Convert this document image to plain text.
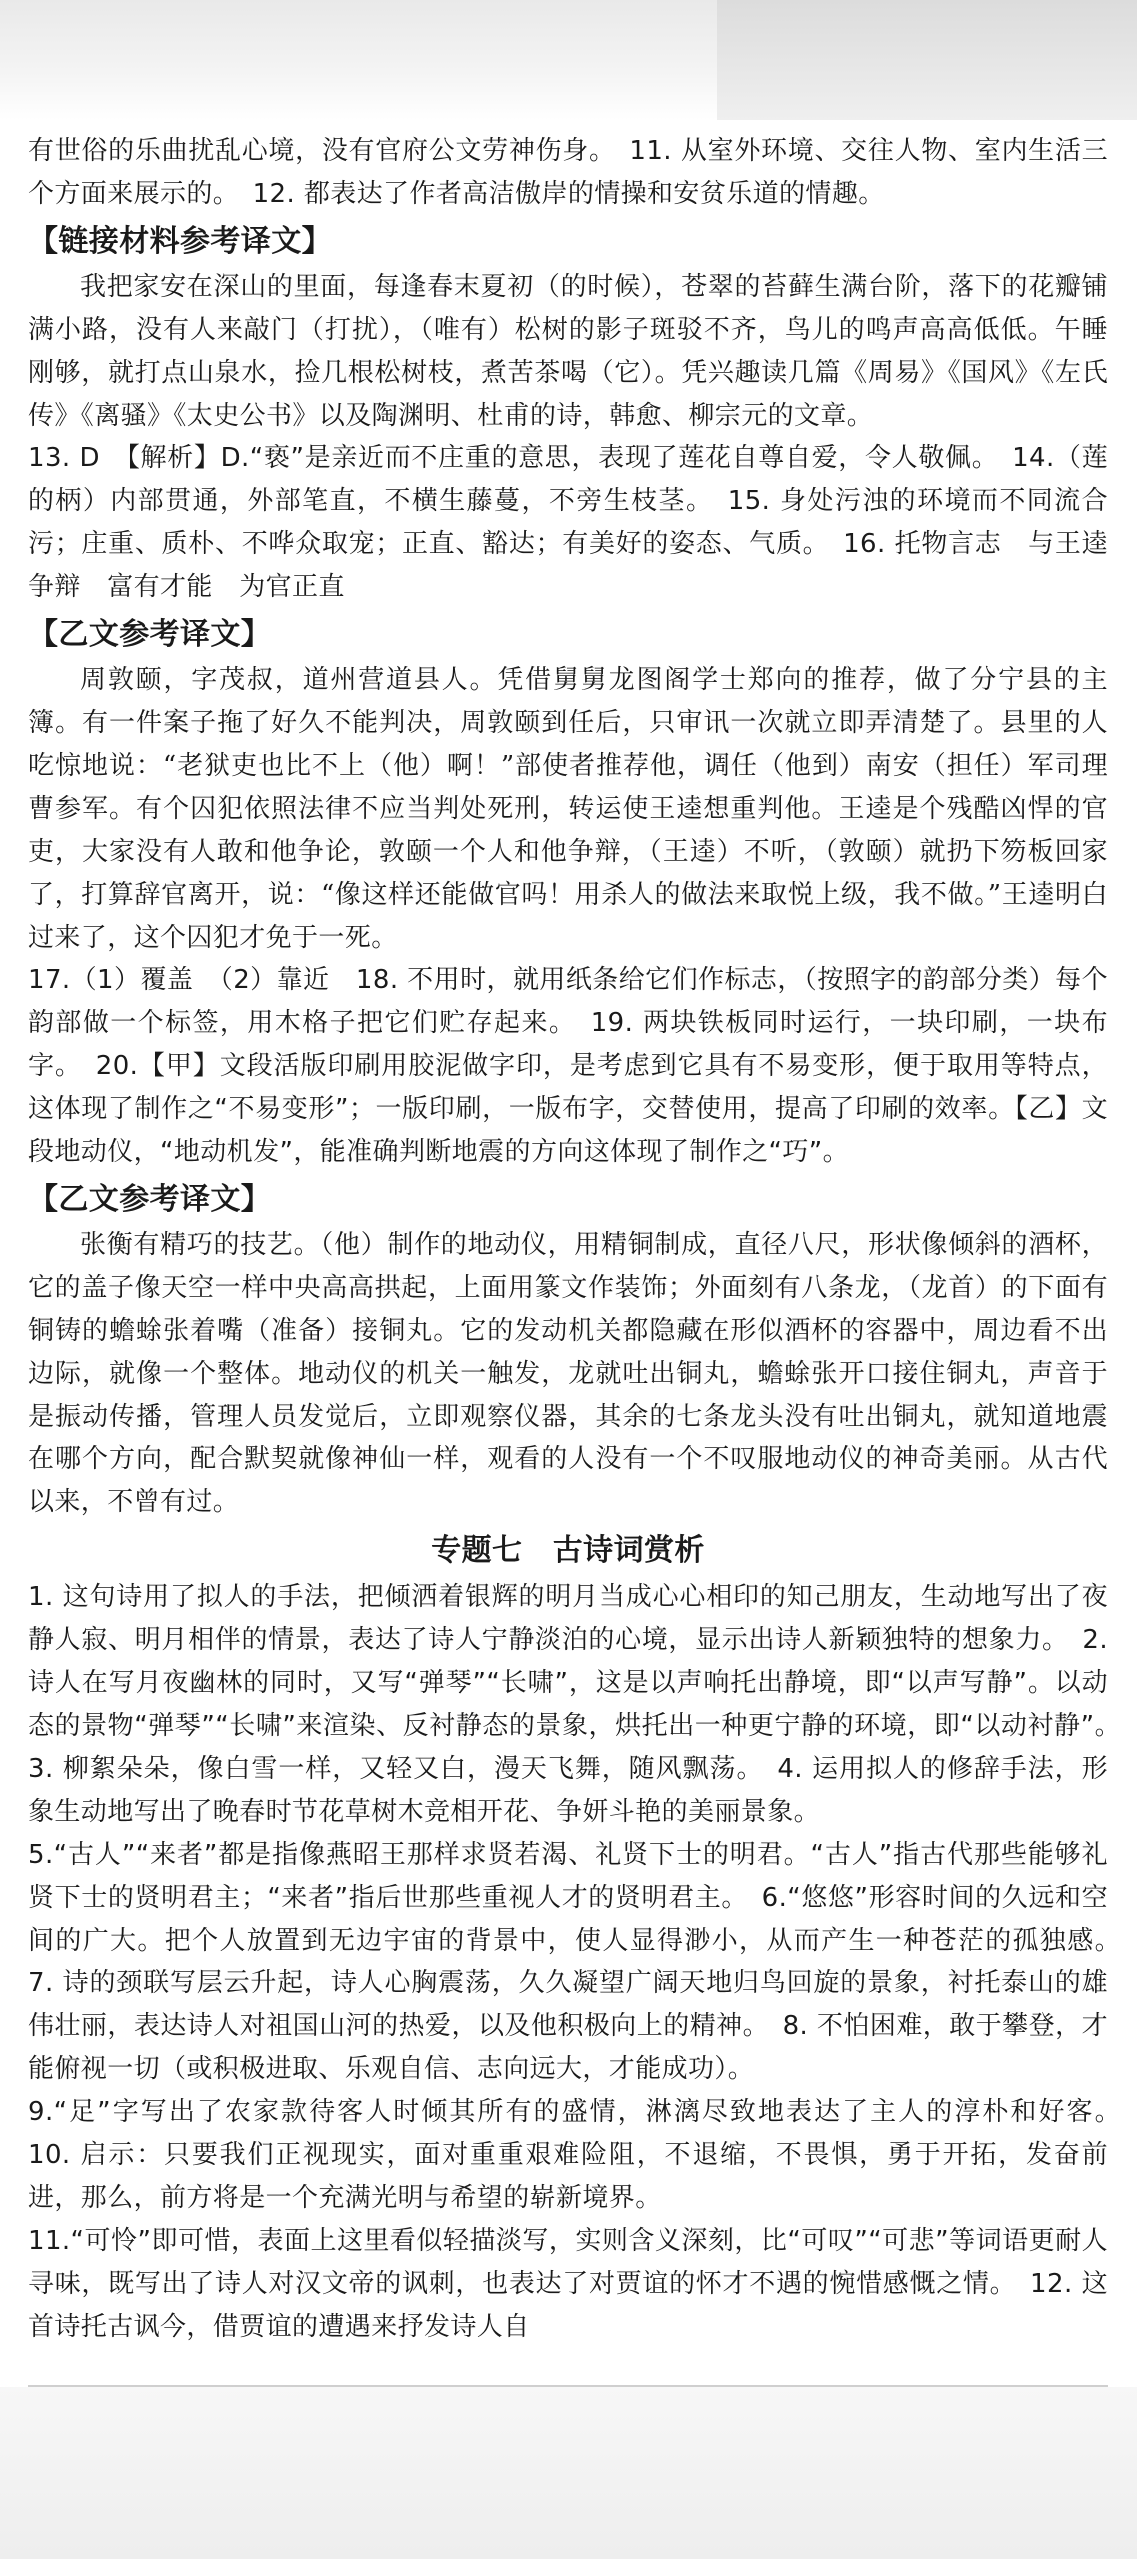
有世俗的乐曲扰乱心境，没有官府公文劳神伤身。　11. 从室外环境、交往人物、室内生活三个方面来展示的。　12. 都表达了作者高洁傲岸的情操和安贫乐道的情趣。

【链接材料参考译文】

我把家安在深山的里面，每逢春末夏初（的时候），苍翠的苔藓生满台阶，落下的花瓣铺满小路，没有人来敲门（打扰），（唯有）松树的影子斑驳不齐，鸟儿的鸣声高高低低。午睡刚够，就打点山泉水，捡几根松树枝，煮苦茶喝（它）。凭兴趣读几篇《周易》《国风》《左氏传》《离骚》《太史公书》以及陶渊明、杜甫的诗，韩愈、柳宗元的文章。

13. D　【解析】D.“亵”是亲近而不庄重的意思，表现了莲花自尊自爱，令人敬佩。　14.（莲的柄）内部贯通，外部笔直，不横生藤蔓，不旁生枝茎。　15. 身处污浊的环境而不同流合污；庄重、质朴、不哗众取宠；正直、豁达；有美好的姿态、气质。　16. 托物言志　与王逵争辩　富有才能　为官正直

【乙文参考译文】

周敦颐，字茂叔，道州营道县人。凭借舅舅龙图阁学士郑向的推荐，做了分宁县的主簿。有一件案子拖了好久不能判决，周敦颐到任后，只审讯一次就立即弄清楚了。县里的人吃惊地说：“老狱吏也比不上（他）啊！”部使者推荐他，调任（他到）南安（担任）军司理曹参军。有个囚犯依照法律不应当判处死刑，转运使王逵想重判他。王逵是个残酷凶悍的官吏，大家没有人敢和他争论，敦颐一个人和他争辩，（王逵）不听，（敦颐）就扔下笏板回家了，打算辞官离开，说：“像这样还能做官吗！用杀人的做法来取悦上级，我不做。”王逵明白过来了，这个囚犯才免于一死。

17.（1）覆盖　（2）靠近　18. 不用时，就用纸条给它们作标志，（按照字的韵部分类）每个韵部做一个标签，用木格子把它们贮存起来。　19. 两块铁板同时运行，一块印刷，一块布字。　20.【甲】文段活版印刷用胶泥做字印，是考虑到它具有不易变形，便于取用等特点，这体现了制作之“不易变形”；一版印刷，一版布字，交替使用，提高了印刷的效率。【乙】文段地动仪，“地动机发”，能准确判断地震的方向这体现了制作之“巧”。

【乙文参考译文】

张衡有精巧的技艺。（他）制作的地动仪，用精铜制成，直径八尺，形状像倾斜的酒杯，它的盖子像天空一样中央高高拱起，上面用篆文作装饰；外面刻有八条龙，（龙首）的下面有铜铸的蟾蜍张着嘴（准备）接铜丸。它的发动机关都隐藏在形似酒杯的容器中，周边看不出边际，就像一个整体。地动仪的机关一触发，龙就吐出铜丸，蟾蜍张开口接住铜丸，声音于是振动传播，管理人员发觉后，立即观察仪器，其余的七条龙头没有吐出铜丸，就知道地震在哪个方向，配合默契就像神仙一样，观看的人没有一个不叹服地动仪的神奇美丽。从古代以来，不曾有过。

专题七　古诗词赏析

1. 这句诗用了拟人的手法，把倾洒着银辉的明月当成心心相印的知己朋友，生动地写出了夜静人寂、明月相伴的情景，表达了诗人宁静淡泊的心境，显示出诗人新颖独特的想象力。　2. 诗人在写月夜幽林的同时，又写“弹琴”“长啸”，这是以声响托出静境，即“以声写静”。以动态的景物“弹琴”“长啸”来渲染、反衬静态的景象，烘托出一种更宁静的环境，即“以动衬静”。　3. 柳絮朵朵，像白雪一样，又轻又白，漫天飞舞，随风飘荡。　4. 运用拟人的修辞手法，形象生动地写出了晚春时节花草树木竞相开花、争妍斗艳的美丽景象。

5.“古人”“来者”都是指像燕昭王那样求贤若渴、礼贤下士的明君。“古人”指古代那些能够礼贤下士的贤明君主；“来者”指后世那些重视人才的贤明君主。　6.“悠悠”形容时间的久远和空间的广大。把个人放置到无边宇宙的背景中，使人显得渺小，从而产生一种苍茫的孤独感。　7. 诗的颈联写层云升起，诗人心胸震荡，久久凝望广阔天地归鸟回旋的景象，衬托泰山的雄伟壮丽，表达诗人对祖国山河的热爱，以及他积极向上的精神。　8. 不怕困难，敢于攀登，才能俯视一切（或积极进取、乐观自信、志向远大，才能成功）。

9.“足”字写出了农家款待客人时倾其所有的盛情，淋漓尽致地表达了主人的淳朴和好客。　10. 启示：只要我们正视现实，面对重重艰难险阻，不退缩，不畏惧，勇于开拓，发奋前进，那么，前方将是一个充满光明与希望的崭新境界。

11.“可怜”即可惜，表面上这里看似轻描淡写，实则含义深刻，比“可叹”“可悲”等词语更耐人寻味，既写出了诗人对汉文帝的讽刺，也表达了对贾谊的怀才不遇的惋惜感慨之情。　12. 这首诗托古讽今，借贾谊的遭遇来抒发诗人自
